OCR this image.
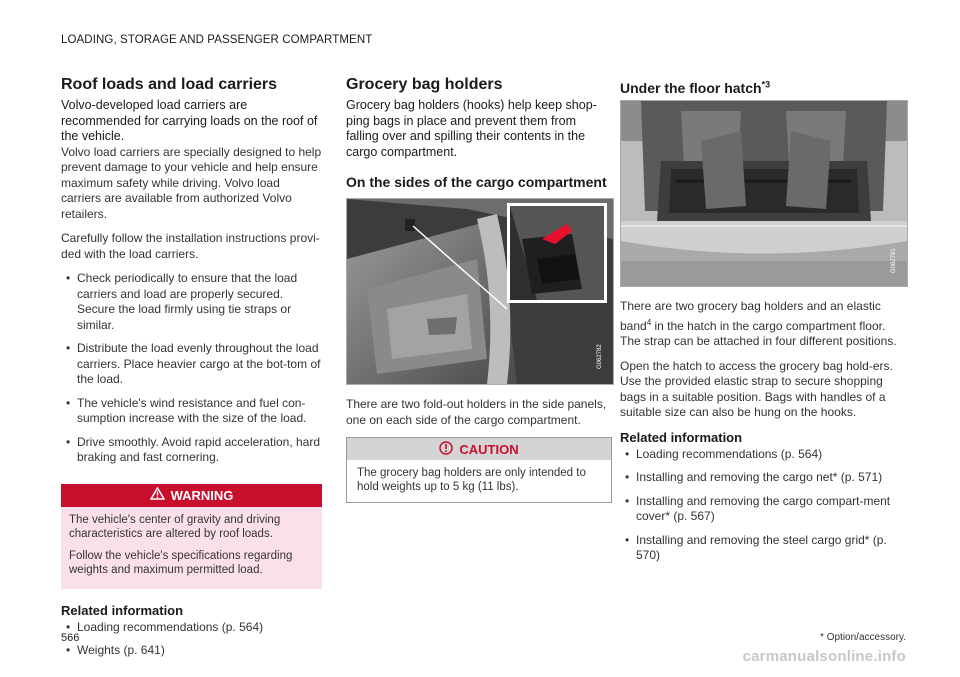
LOADING, STORAGE AND PASSENGER COMPARTMENT
Roof loads and load carriers

Volvo-developed load carriers are recommended for carrying loads on the roof of the vehicle.

Volvo load carriers are specially designed to help prevent damage to your vehicle and help ensure maximum safety while driving. Volvo load carriers are available from authorized Volvo retailers.

Carefully follow the installation instructions provi-ded with the load carriers.

• Check periodically to ensure that the load carriers and load are properly secured. Secure the load firmly using tie straps or similar.
• Distribute the load evenly throughout the load carriers. Place heavier cargo at the bot-tom of the load.
• The vehicle's wind resistance and fuel con-sumption increase with the size of the load.
• Drive smoothly. Avoid rapid acceleration, hard braking and fast cornering.
WARNING

The vehicle's center of gravity and driving characteristics are altered by roof loads.

Follow the vehicle's specifications regarding weights and maximum permitted load.

Related information
• Loading recommendations (p. 564)
• Weights (p. 641)
Grocery bag holders

Grocery bag holders (hooks) help keep shop-ping bags in place and prevent them from falling over and spilling their contents in the cargo compartment.

On the sides of the cargo compartment
G062782

There are two fold-out holders in the side panels, one on each side of the cargo compartment.

CAUTION

The grocery bag holders are only intended to hold weights up to 5 kg (11 lbs).

Under the floor hatch$^{*3}$
G062781

There are two grocery bag holders and an elastic band$^4$ in the hatch in the cargo compartment floor. The strap can be attached in four different positions.

Open the hatch to access the grocery bag hold-ers. Use the provided elastic strap to secure shopping bags in a suitable position. Bags with handles of a suitable size can also be hung on the hooks.

Related information
• Loading recommendations (p. 564)
• Installing and removing the cargo net* (p. 571)
• Installing and removing the cargo compart-ment cover* (p. 567)
• Installing and removing the steel cargo grid* (p. 570)
566	* Option/accessory.
carmanualsonline.info
